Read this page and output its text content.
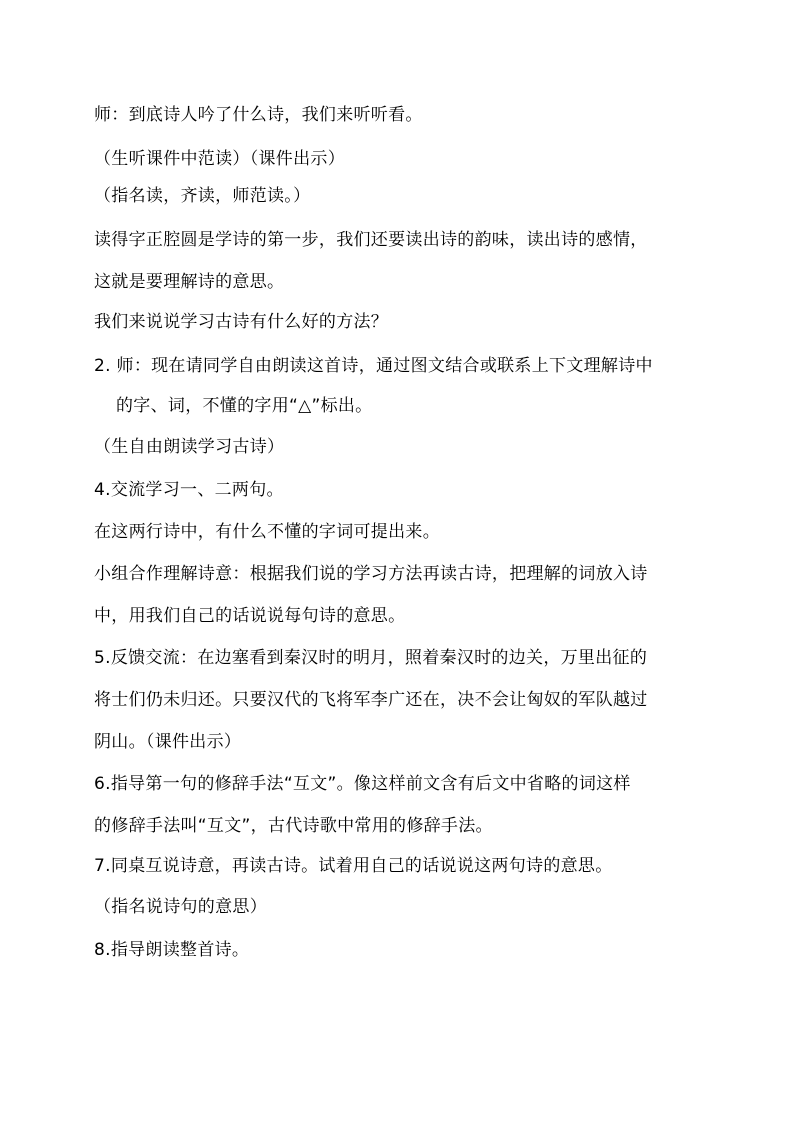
师：到底诗人吟了什么诗，我们来听听看。
（生听课件中范读）（课件出示）
（指名读，齐读，师范读。）
读得字正腔圆是学诗的第一步，我们还要读出诗的韵味，读出诗的感情，
这就是要理解诗的意思。
我们来说说学习古诗有什么好的方法？
2. 师：现在请同学自由朗读这首诗，通过图文结合或联系上下文理解诗中
的字、词，不懂的字用“△”标出。
（生自由朗读学习古诗）
4.交流学习一、二两句。
在这两行诗中，有什么不懂的字词可提出来。
小组合作理解诗意：根据我们说的学习方法再读古诗，把理解的词放入诗
中，用我们自己的话说说每句诗的意思。
5.反馈交流：在边塞看到秦汉时的明月，照着秦汉时的边关，万里出征的
将士们仍未归还。只要汉代的飞将军李广还在，决不会让匈奴的军队越过
阴山。（课件出示）
6.指导第一句的修辞手法“互文”。像这样前文含有后文中省略的词这样
的修辞手法叫“互文”，古代诗歌中常用的修辞手法。
7.同桌互说诗意，再读古诗。试着用自己的话说说这两句诗的意思。
（指名说诗句的意思）
8.指导朗读整首诗。
